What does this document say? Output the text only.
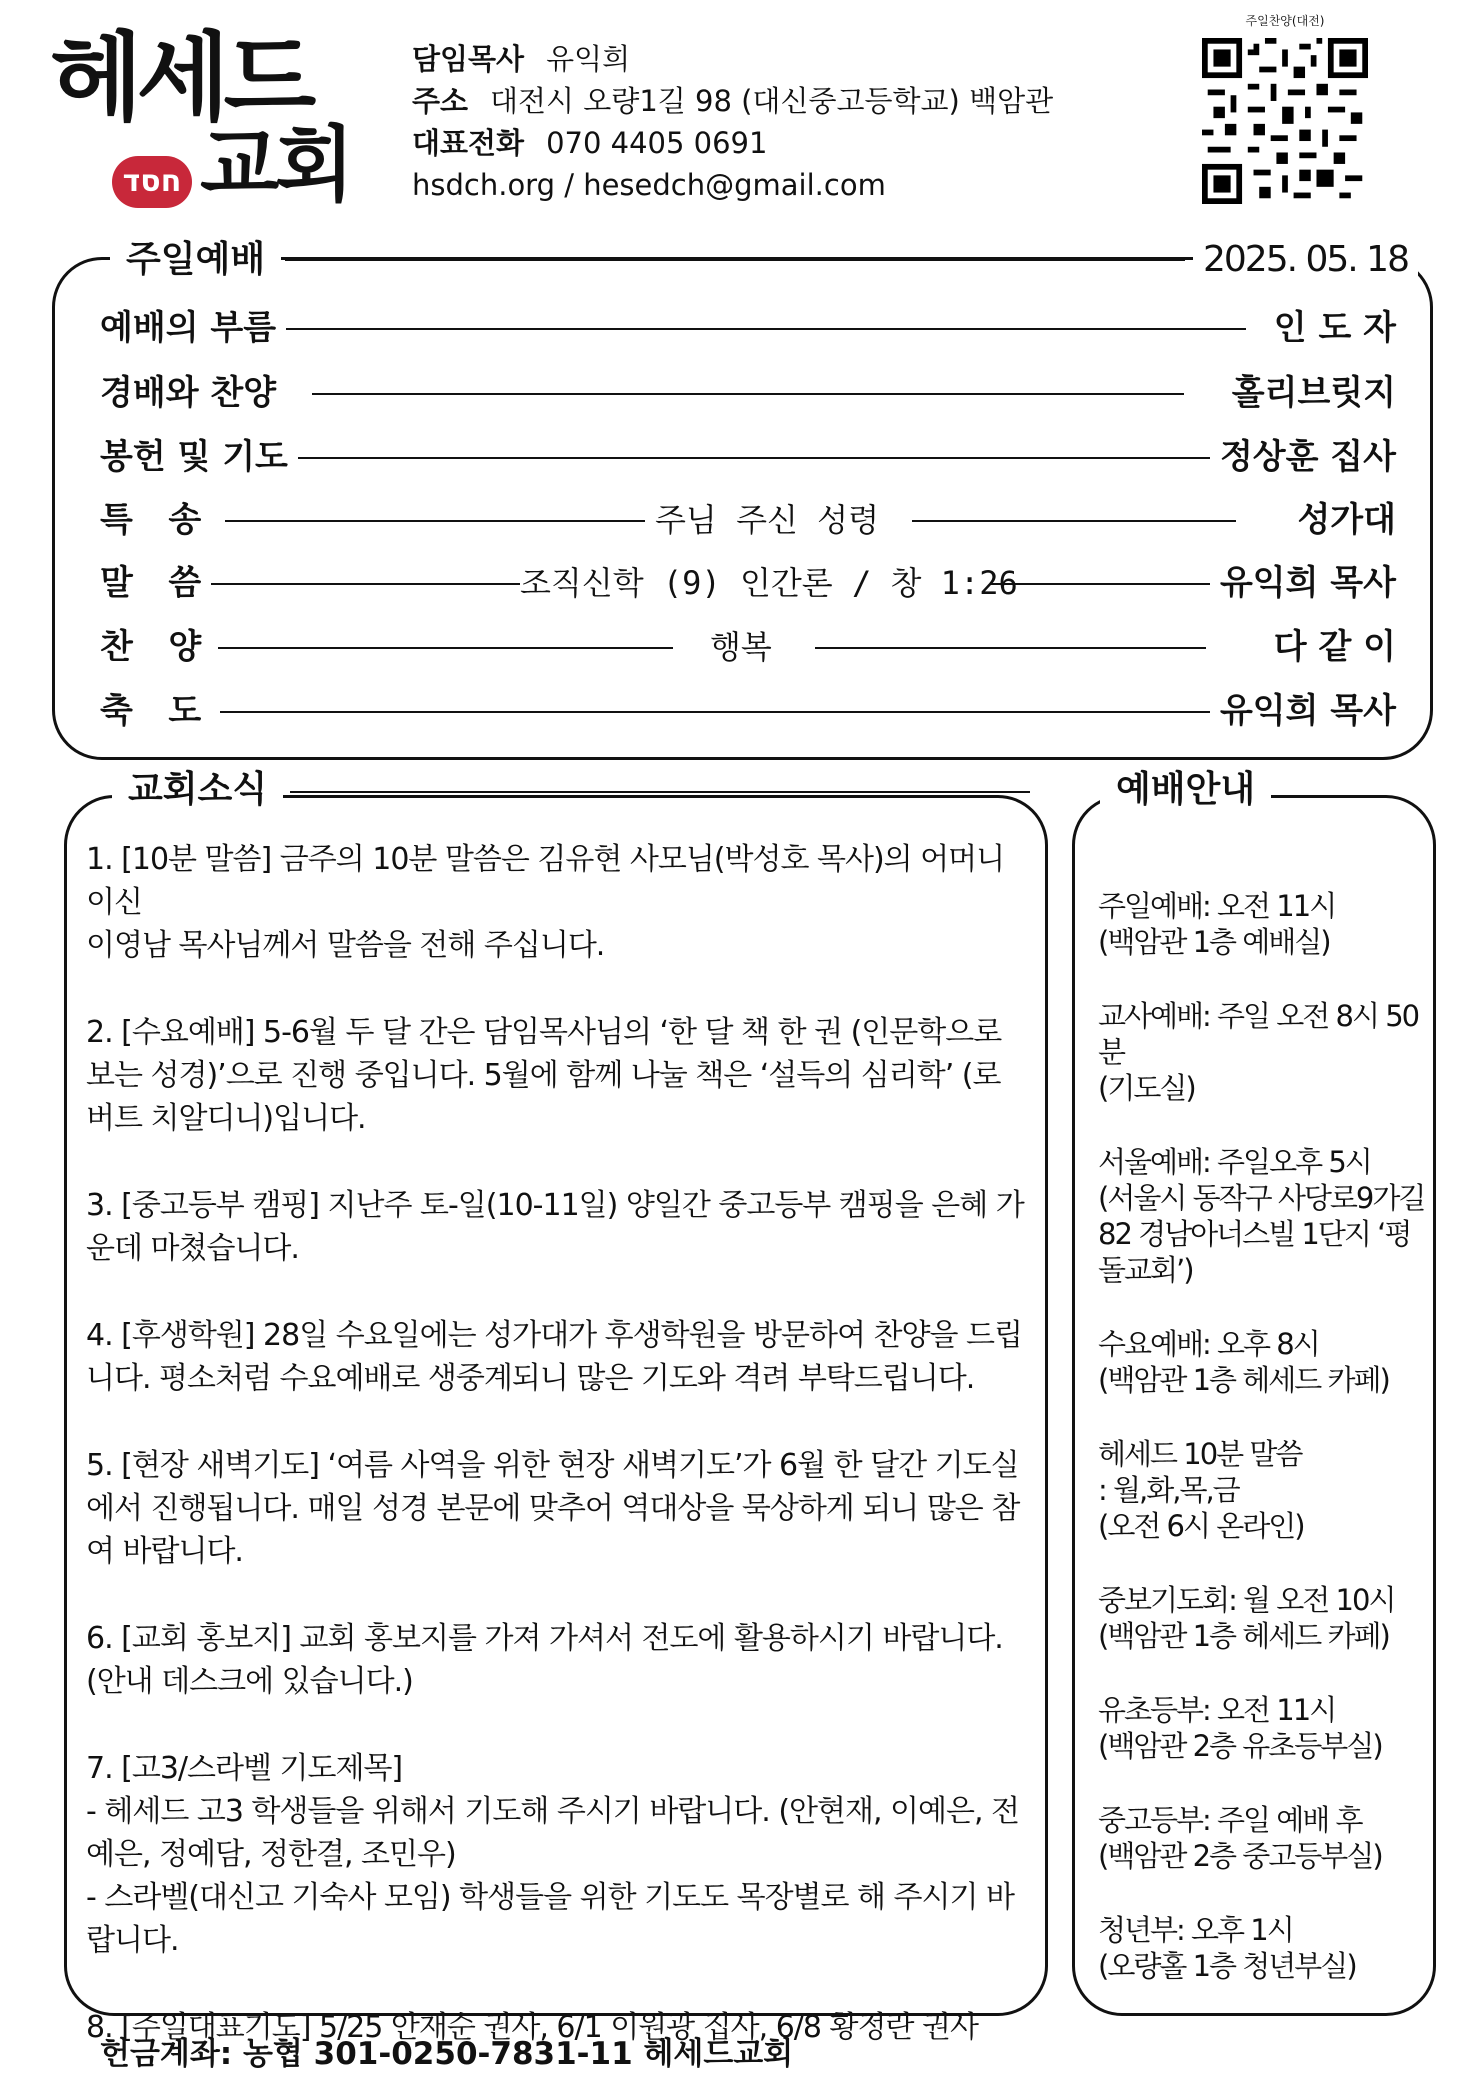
헤세드
חסד 교회
담임목사 유익희
주소 대전시 오량1길 98 (대신중고등학교) 백암관
대표전화 070 4405 0691
hsdch.org / hesedch@gmail.com
주일찬양(대전)
주일예배	2025. 05. 18
예배의 부름	인 도 자
경배와 찬양	홀리브릿지
봉헌 및 기도	정상훈 집사
특   송	주님 주신 성령	성가대
말   씀	조직신학 (9) 인간론 / 창 1:26	유익희 목사
찬   양	행복	다 같 이
축   도	유익희 목사
교회소식
1. [10분 말씀] 금주의 10분 말씀은 김유현 사모님(박성호 목사)의 어머니이신
이영남 목사님께서 말씀을 전해 주십니다.
2. [수요예배] 5-6월 두 달 간은 담임목사님의 ‘한 달 책 한 권 (인문학으로 보는 성경)’으로 진행 중입니다. 5월에 함께 나눌 책은 ‘설득의 심리학’ (로버트 치알디니)입니다.
3. [중고등부 캠핑] 지난주 토-일(10-11일) 양일간 중고등부 캠핑을 은혜 가운데 마쳤습니다.
4. [후생학원] 28일 수요일에는 성가대가 후생학원을 방문하여 찬양을 드립니다. 평소처럼 수요예배로 생중계되니 많은 기도와 격려 부탁드립니다.
5. [현장 새벽기도] ‘여름 사역을 위한 현장 새벽기도’가 6월 한 달간 기도실에서 진행됩니다. 매일 성경 본문에 맞추어 역대상을 묵상하게 되니 많은 참여 바랍니다.
6. [교회 홍보지] 교회 홍보지를 가져 가셔서 전도에 활용하시기 바랍니다.
(안내 데스크에 있습니다.)
7. [고3/스라벨 기도제목]
- 헤세드 고3 학생들을 위해서 기도해 주시기 바랍니다. (안현재, 이예은, 전예은, 정예담, 정한결, 조민우)
- 스라벨(대신고 기숙사 모임) 학생들을 위한 기도도 목장별로 해 주시기 바랍니다.
8. [주일대표기도] 5/25 안재순 권사, 6/1 이원광 집사, 6/8 황정란 권사
예배안내
주일예배: 오전 11시
(백암관 1층 예배실)
교사예배: 주일 오전 8시 50분
(기도실)
서울예배: 주일오후 5시
(서울시 동작구 사당로9가길 82 경남아너스빌 1단지 ‘평돌교회’)
수요예배: 오후 8시
(백암관 1층 헤세드 카페)
헤세드 10분 말씀
: 월,화,목,금
(오전 6시 온라인)
중보기도회: 월 오전 10시
(백암관 1층 헤세드 카페)
유초등부: 오전 11시
(백암관 2층 유초등부실)
중고등부: 주일 예배 후
(백암관 2층 중고등부실)
청년부: 오후 1시
(오량홀 1층 청년부실)
헌금계좌: 농협 301-0250-7831-11 헤세드교회
